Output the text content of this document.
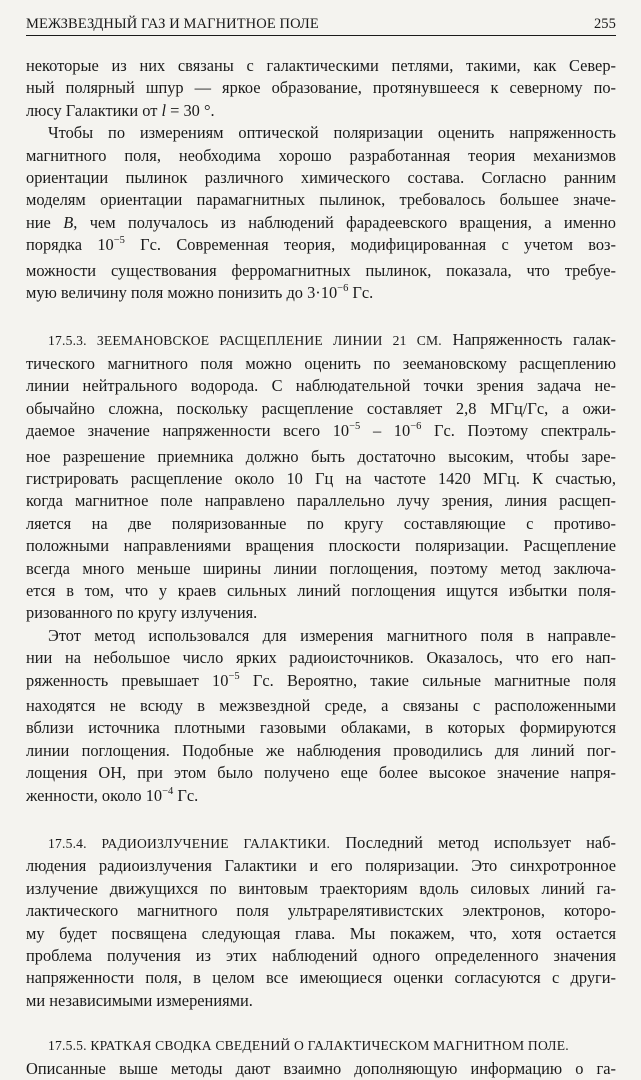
МЕЖЗВЕЗДНЫЙ ГАЗ И МАГНИТНОЕ ПОЛЕ	255
некоторые из них связаны с галактическими петлями, такими, как Север-
ный полярный шпур — яркое образование, протянувшееся к северному по-
люсу Галактики от l = 30 °.
Чтобы по измерениям оптической поляризации оценить напряженность
магнитного поля, необходима хорошо разработанная теория механизмов
ориентации пылинок различного химического состава. Согласно ранним
моделям ориентации парамагнитных пылинок, требовалось большее значе-
ние B, чем получалось из наблюдений фарадеевского вращения, а именно
порядка $10^{-5}$ Гс. Современная теория, модифицированная с учетом воз-
можности существования ферромагнитных пылинок, показала, что требуе-
мую величину поля можно понизить до $3\cdot 10^{-6}$ Гс.
17.5.3. ЗЕЕМАНОВСКОЕ РАСЩЕПЛЕНИЕ ЛИНИИ 21 СМ. Напряженность галак-
тического магнитного поля можно оценить по зеемановскому расщеплению
линии нейтрального водорода. С наблюдательной точки зрения задача не-
обычайно сложна, поскольку расщепление составляет 2,8 МГц/Гс, а ожи-
даемое значение напряженности всего $10^{-5} - 10^{-6}$ Гс. Поэтому спектраль-
ное разрешение приемника должно быть достаточно высоким, чтобы заре-
гистрировать расщепление около 10 Гц на частоте 1420 МГц. К счастью,
когда магнитное поле направлено параллельно лучу зрения, линия расщеп-
ляется на две поляризованные по кругу составляющие с противо-
положными направлениями вращения плоскости поляризации. Расщепление
всегда много меньше ширины линии поглощения, поэтому метод заключа-
ется в том, что у краев сильных линий поглощения ищутся избытки поля-
ризованного по кругу излучения.
Этот метод использовался для измерения магнитного поля в направле-
нии на небольшое число ярких радиоисточников. Оказалось, что его нап-
ряженность превышает $10^{-5}$ Гс. Вероятно, такие сильные магнитные поля
находятся не всюду в межзвездной среде, а связаны с расположенными
вблизи источника плотными газовыми облаками, в которых формируются
линии поглощения. Подобные же наблюдения проводились для линий пог-
лощения OH, при этом было получено еще более высокое значение напря-
женности, около $10^{-4}$ Гс.
17.5.4. РАДИОИЗЛУЧЕНИЕ ГАЛАКТИКИ. Последний метод использует наб-
людения радиоизлучения Галактики и его поляризации. Это синхротронное
излучение движущихся по винтовым траекториям вдоль силовых линий га-
лактического магнитного поля ультрарелятивистских электронов, которо-
му будет посвящена следующая глава. Мы покажем, что, хотя остается
проблема получения из этих наблюдений одного определенного значения
напряженности поля, в целом все имеющиеся оценки согласуются с други-
ми независимыми измерениями.
17.5.5. КРАТКАЯ СВОДКА СВЕДЕНИЙ О ГАЛАКТИЧЕСКОМ МАГНИТНОМ ПОЛЕ.
Описанные выше методы дают взаимно дополняющую информацию о га-
